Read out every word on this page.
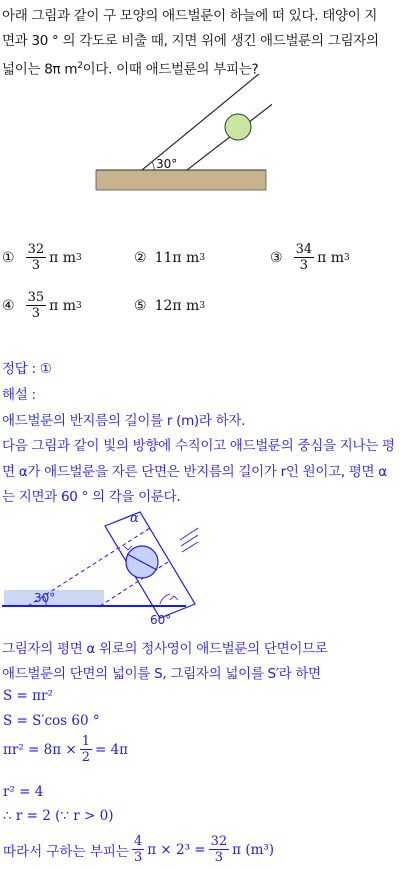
아래 그림과 같이 구 모양의 애드벌룬이 하늘에 떠 있다. 태양이 지
면과 30 ° 의 각도로 비출 때, 지면 위에 생긴 애드벌룬의 그림자의
넓이는 8π $m^2$이다. 이때 애드벌룬의 부피는?
30°
① $\frac{32}{3}$ π m 3	② 11π m 3	③ $\frac{34}{3}$ π m 3
④ $\frac{35}{3}$ π m 3	⑤ 12π m 3
정답 : ①
해설 :
애드벌룬의 반지름의 길이를 r (m)라 하자.
다음 그림과 같이 빛의 방향에 수직이고 애드벌룬의 중심을 지나는 평
면 α가 애드벌룬을 자른 단면은 반지름의 길이가 r인 원이고, 평면 α
는 지면과 60 ° 의 각을 이룬다.
α
30°
60°
그림자의 평면 α 위로의 정사영이 애드벌룬의 단면이므로
애드벌룬의 단면의 넓이를 S, 그림자의 넓이를 S′라 하면
S = πr²
S = S′cos 60 °
$\pi r^2 = 8\pi \times \frac{1}{2} = 4\pi$
r² = 4
∴ r = 2 (∵ r > 0)
따라서 구하는 부피는 $\frac{4}{3}$ $\pi \times 2^3 = \frac{32}{3}$ π (m³)
